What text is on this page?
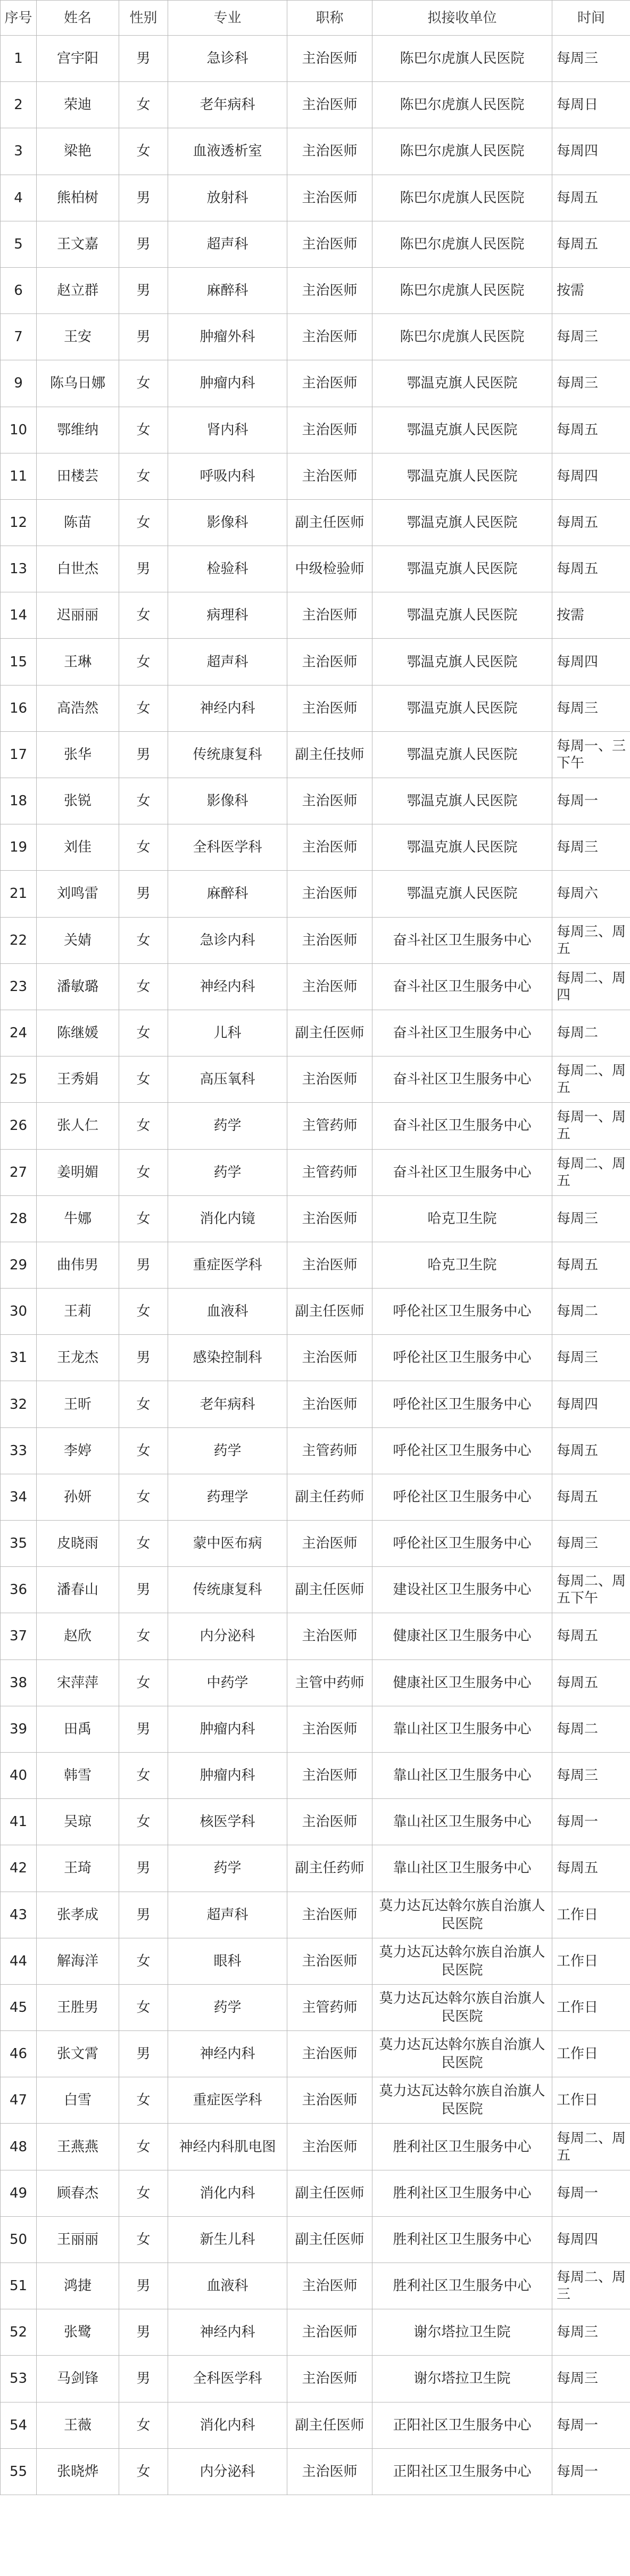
序号	姓名	性别	专业	职称	拟接收单位	时间
1	宫宇阳	男	急诊科	主治医师	陈巴尔虎旗人民医院	每周三
2	荣迪	女	老年病科	主治医师	陈巴尔虎旗人民医院	每周日
3	梁艳	女	血液透析室	主治医师	陈巴尔虎旗人民医院	每周四
4	熊柏树	男	放射科	主治医师	陈巴尔虎旗人民医院	每周五
5	王文嘉	男	超声科	主治医师	陈巴尔虎旗人民医院	每周五
6	赵立群	男	麻醉科	主治医师	陈巴尔虎旗人民医院	按需
7	王安	男	肿瘤外科	主治医师	陈巴尔虎旗人民医院	每周三
9	陈乌日娜	女	肿瘤内科	主治医师	鄂温克旗人民医院	每周三
10	鄂维纳	女	肾内科	主治医师	鄂温克旗人民医院	每周五
11	田楼芸	女	呼吸内科	主治医师	鄂温克旗人民医院	每周四
12	陈苗	女	影像科	副主任医师	鄂温克旗人民医院	每周五
13	白世杰	男	检验科	中级检验师	鄂温克旗人民医院	每周五
14	迟丽丽	女	病理科	主治医师	鄂温克旗人民医院	按需
15	王琳	女	超声科	主治医师	鄂温克旗人民医院	每周四
16	高浩然	女	神经内科	主治医师	鄂温克旗人民医院	每周三
17	张华	男	传统康复科	副主任技师	鄂温克旗人民医院	每周一、三下午
18	张锐	女	影像科	主治医师	鄂温克旗人民医院	每周一
19	刘佳	女	全科医学科	主治医师	鄂温克旗人民医院	每周三
21	刘鸣雷	男	麻醉科	主治医师	鄂温克旗人民医院	每周六
22	关婧	女	急诊内科	主治医师	奋斗社区卫生服务中心	每周三、周五
23	潘敏璐	女	神经内科	主治医师	奋斗社区卫生服务中心	每周二、周四
24	陈继媛	女	儿科	副主任医师	奋斗社区卫生服务中心	每周二
25	王秀娟	女	高压氧科	主治医师	奋斗社区卫生服务中心	每周二、周五
26	张人仁	女	药学	主管药师	奋斗社区卫生服务中心	每周一、周五
27	姜明媚	女	药学	主管药师	奋斗社区卫生服务中心	每周二、周五
28	牛娜	女	消化内镜	主治医师	哈克卫生院	每周三
29	曲伟男	男	重症医学科	主治医师	哈克卫生院	每周五
30	王莉	女	血液科	副主任医师	呼伦社区卫生服务中心	每周二
31	王龙杰	男	感染控制科	主治医师	呼伦社区卫生服务中心	每周三
32	王昕	女	老年病科	主治医师	呼伦社区卫生服务中心	每周四
33	李婷	女	药学	主管药师	呼伦社区卫生服务中心	每周五
34	孙妍	女	药理学	副主任药师	呼伦社区卫生服务中心	每周五
35	皮晓雨	女	蒙中医布病	主治医师	呼伦社区卫生服务中心	每周三
36	潘春山	男	传统康复科	副主任医师	建设社区卫生服务中心	每周二、周五下午
37	赵欣	女	内分泌科	主治医师	健康社区卫生服务中心	每周五
38	宋萍萍	女	中药学	主管中药师	健康社区卫生服务中心	每周五
39	田禹	男	肿瘤内科	主治医师	靠山社区卫生服务中心	每周二
40	韩雪	女	肿瘤内科	主治医师	靠山社区卫生服务中心	每周三
41	吴琼	女	核医学科	主治医师	靠山社区卫生服务中心	每周一
42	王琦	男	药学	副主任药师	靠山社区卫生服务中心	每周五
43	张孝成	男	超声科	主治医师	莫力达瓦达斡尔族自治旗人民医院	工作日
44	解海洋	女	眼科	主治医师	莫力达瓦达斡尔族自治旗人民医院	工作日
45	王胜男	女	药学	主管药师	莫力达瓦达斡尔族自治旗人民医院	工作日
46	张文霄	男	神经内科	主治医师	莫力达瓦达斡尔族自治旗人民医院	工作日
47	白雪	女	重症医学科	主治医师	莫力达瓦达斡尔族自治旗人民医院	工作日
48	王燕燕	女	神经内科肌电图	主治医师	胜利社区卫生服务中心	每周二、周五
49	顾春杰	女	消化内科	副主任医师	胜利社区卫生服务中心	每周一
50	王丽丽	女	新生儿科	副主任医师	胜利社区卫生服务中心	每周四
51	鸿捷	男	血液科	主治医师	胜利社区卫生服务中心	每周二、周三
52	张鹭	男	神经内科	主治医师	谢尔塔拉卫生院	每周三
53	马剑锋	男	全科医学科	主治医师	谢尔塔拉卫生院	每周三
54	王薇	女	消化内科	副主任医师	正阳社区卫生服务中心	每周一
55	张晓烨	女	内分泌科	主治医师	正阳社区卫生服务中心	每周一
